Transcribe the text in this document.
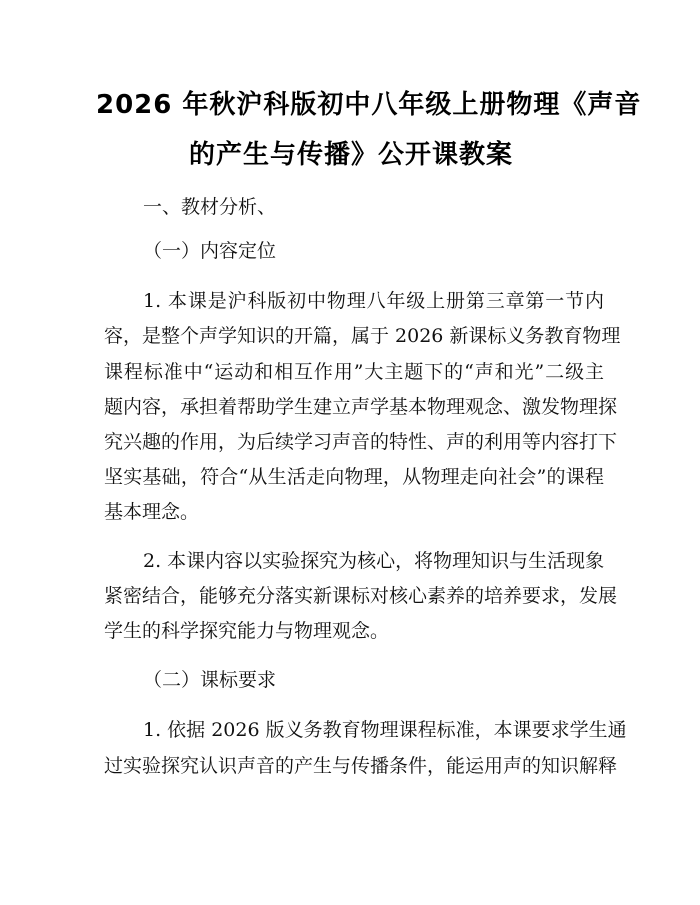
2026 年秋沪科版初中八年级上册物理《声音
的产生与传播》公开课教案
一、教材分析、
（一）内容定位
1. 本课是沪科版初中物理八年级上册第三章第一节内
容，是整个声学知识的开篇，属于 2026 新课标义务教育物理
课程标准中“运动和相互作用”大主题下的“声和光”二级主
题内容，承担着帮助学生建立声学基本物理观念、激发物理探
究兴趣的作用，为后续学习声音的特性、声的利用等内容打下
坚实基础，符合“从生活走向物理，从物理走向社会”的课程
基本理念。
2. 本课内容以实验探究为核心，将物理知识与生活现象
紧密结合，能够充分落实新课标对核心素养的培养要求，发展
学生的科学探究能力与物理观念。
（二）课标要求
1. 依据 2026 版义务教育物理课程标准，本课要求学生通
过实验探究认识声音的产生与传播条件，能运用声的知识解释
